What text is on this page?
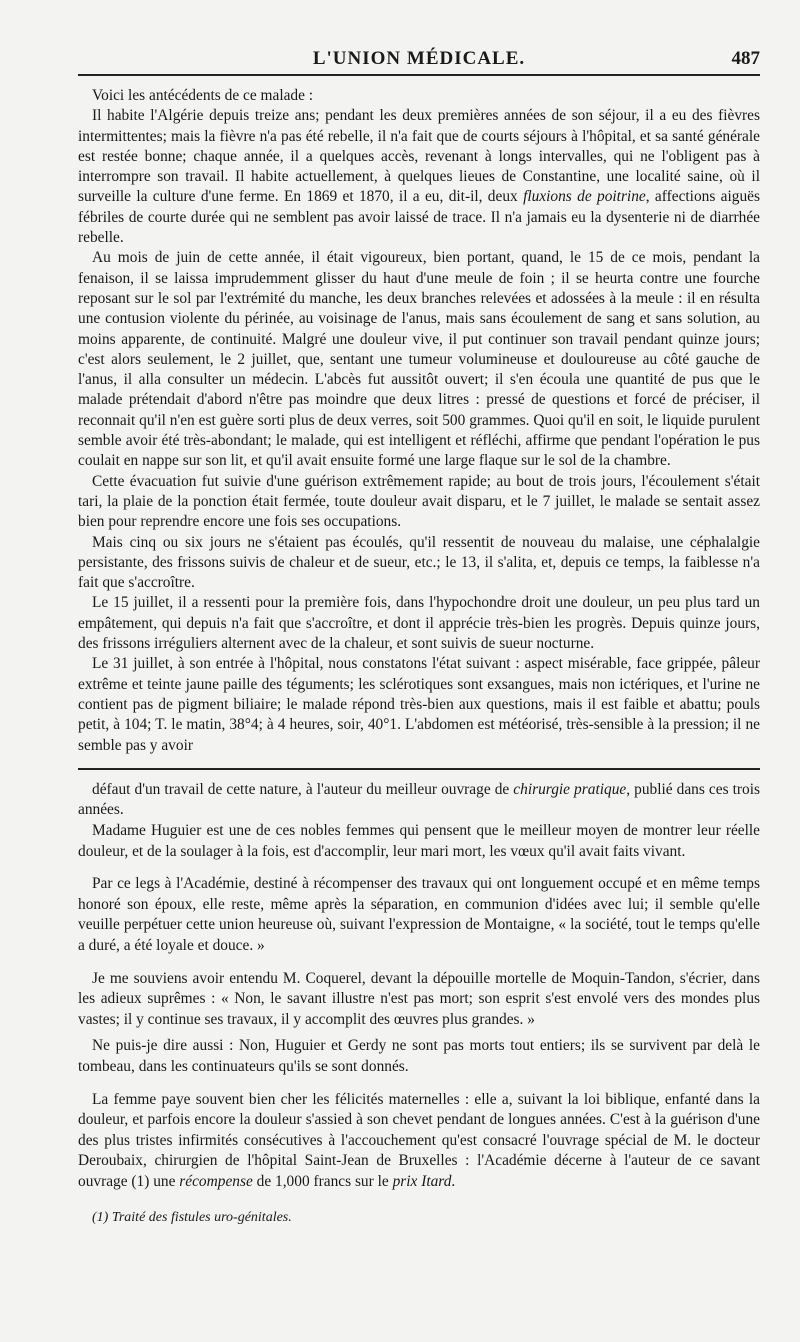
L'UNION MÉDICALE.	487

Voici les antécédents de ce malade :

Il habite l'Algérie depuis treize ans; pendant les deux premières années de son séjour, il a eu des fièvres intermittentes; mais la fièvre n'a pas été rebelle, il n'a fait que de courts séjours à l'hôpital, et sa santé générale est restée bonne; chaque année, il a quelques accès, revenant à longs intervalles, qui ne l'obligent pas à interrompre son travail. Il habite actuellement, à quelques lieues de Constantine, une localité saine, où il surveille la culture d'une ferme. En 1869 et 1870, il a eu, dit-il, deux fluxions de poitrine, affections aiguës fébriles de courte durée qui ne semblent pas avoir laissé de trace. Il n'a jamais eu la dysenterie ni de diarrhée rebelle.

Au mois de juin de cette année, il était vigoureux, bien portant, quand, le 15 de ce mois, pendant la fenaison, il se laissa imprudemment glisser du haut d'une meule de foin ; il se heurta contre une fourche reposant sur le sol par l'extrémité du manche, les deux branches relevées et adossées à la meule : il en résulta une contusion violente du périnée, au voisinage de l'anus, mais sans écoulement de sang et sans solution, au moins apparente, de continuité. Malgré une douleur vive, il put continuer son travail pendant quinze jours; c'est alors seulement, le 2 juillet, que, sentant une tumeur volumineuse et douloureuse au côté gauche de l'anus, il alla consulter un médecin. L'abcès fut aussitôt ouvert; il s'en écoula une quantité de pus que le malade prétendait d'abord n'être pas moindre que deux litres : pressé de questions et forcé de préciser, il reconnait qu'il n'en est guère sorti plus de deux verres, soit 500 grammes. Quoi qu'il en soit, le liquide purulent semble avoir été très-abondant; le malade, qui est intelligent et réfléchi, affirme que pendant l'opération le pus coulait en nappe sur son lit, et qu'il avait ensuite formé une large flaque sur le sol de la chambre.

Cette évacuation fut suivie d'une guérison extrêmement rapide; au bout de trois jours, l'écoulement s'était tari, la plaie de la ponction était fermée, toute douleur avait disparu, et le 7 juillet, le malade se sentait assez bien pour reprendre encore une fois ses occupations.

Mais cinq ou six jours ne s'étaient pas écoulés, qu'il ressentit de nouveau du malaise, une céphalalgie persistante, des frissons suivis de chaleur et de sueur, etc.; le 13, il s'alita, et, depuis ce temps, la faiblesse n'a fait que s'accroître.

Le 15 juillet, il a ressenti pour la première fois, dans l'hypochondre droit une douleur, un peu plus tard un empâtement, qui depuis n'a fait que s'accroître, et dont il apprécie très-bien les progrès. Depuis quinze jours, des frissons irréguliers alternent avec de la chaleur, et sont suivis de sueur nocturne.

Le 31 juillet, à son entrée à l'hôpital, nous constatons l'état suivant : aspect misérable, face grippée, pâleur extrême et teinte jaune paille des téguments; les sclérotiques sont exsangues, mais non ictériques, et l'urine ne contient pas de pigment biliaire; le malade répond très-bien aux questions, mais il est faible et abattu; pouls petit, à 104; T. le matin, 38°4; à 4 heures, soir, 40°1. L'abdomen est météorisé, très-sensible à la pression; il ne semble pas y avoir

défaut d'un travail de cette nature, à l'auteur du meilleur ouvrage de chirurgie pratique, publié dans ces trois années.

Madame Huguier est une de ces nobles femmes qui pensent que le meilleur moyen de montrer leur réelle douleur, et de la soulager à la fois, est d'accomplir, leur mari mort, les vœux qu'il avait faits vivant.

Par ce legs à l'Académie, destiné à récompenser des travaux qui ont longuement occupé et en même temps honoré son époux, elle reste, même après la séparation, en communion d'idées avec lui; il semble qu'elle veuille perpétuer cette union heureuse où, suivant l'expression de Montaigne, « la société, tout le temps qu'elle a duré, a été loyale et douce. »

Je me souviens avoir entendu M. Coquerel, devant la dépouille mortelle de Moquin-Tandon, s'écrier, dans les adieux suprêmes : « Non, le savant illustre n'est pas mort; son esprit s'est envolé vers des mondes plus vastes; il y continue ses travaux, il y accomplit des œuvres plus grandes. »

Ne puis-je dire aussi : Non, Huguier et Gerdy ne sont pas morts tout entiers; ils se survivent par delà le tombeau, dans les continuateurs qu'ils se sont donnés.

La femme paye souvent bien cher les félicités maternelles : elle a, suivant la loi biblique, enfanté dans la douleur, et parfois encore la douleur s'assied à son chevet pendant de longues années. C'est à la guérison d'une des plus tristes infirmités consécutives à l'accouchement qu'est consacré l'ouvrage spécial de M. le docteur Deroubaix, chirurgien de l'hôpital Saint-Jean de Bruxelles : l'Académie décerne à l'auteur de ce savant ouvrage (1) une récompense de 1,000 francs sur le prix Itard.

(1) Traité des fistules uro-génitales.
